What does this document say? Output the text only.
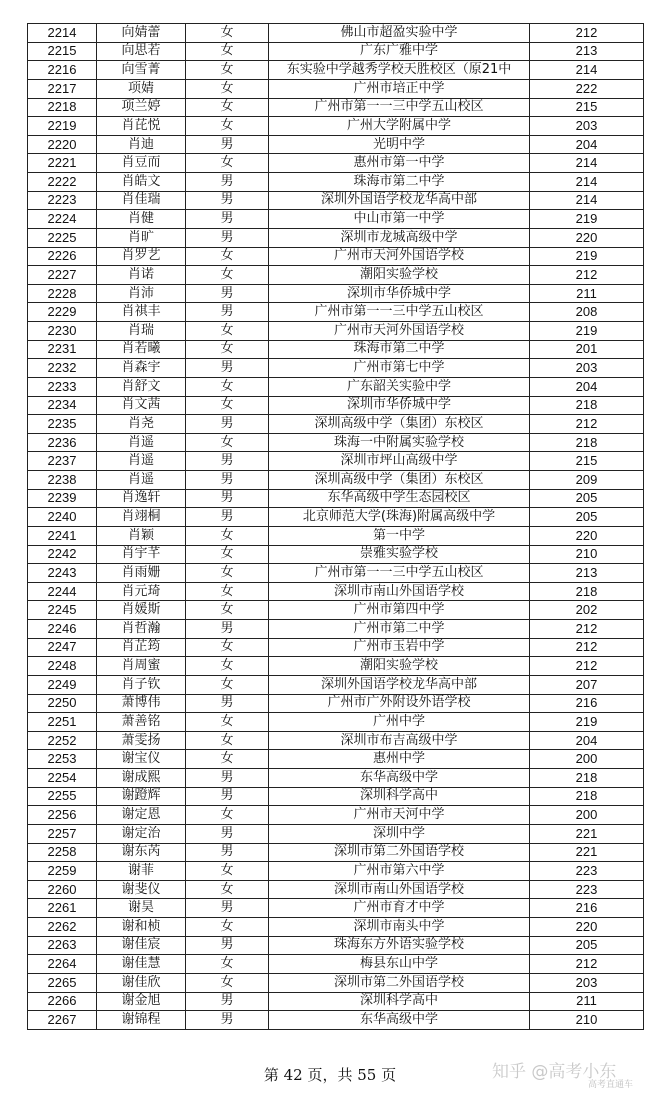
2214	向婧蕾	女	佛山市超盈实验中学	212
2215	向思若	女	广东广雅中学	213
2216	向雪菁	女	东实验中学越秀学校天胜校区（原21中	214
2217	项婧	女	广州市培正中学	222
2218	项兰婷	女	广州市第一一三中学五山校区	215
2219	肖芘悦	女	广州大学附属中学	203
2220	肖迪	男	光明中学	204
2221	肖豆而	女	惠州市第一中学	214
2222	肖皓文	男	珠海市第二中学	214
2223	肖佳瑞	男	深圳外国语学校龙华高中部	214
2224	肖健	男	中山市第一中学	219
2225	肖旷	男	深圳市龙城高级中学	220
2226	肖罗艺	女	广州市天河外国语学校	219
2227	肖诺	女	潮阳实验学校	212
2228	肖沛	男	深圳市华侨城中学	211
2229	肖祺丰	男	广州市第一一三中学五山校区	208
2230	肖瑞	女	广州市天河外国语学校	219
2231	肖若曦	女	珠海市第二中学	201
2232	肖森宇	男	广州市第七中学	203
2233	肖舒文	女	广东韶关实验中学	204
2234	肖文茜	女	深圳市华侨城中学	218
2235	肖尧	男	深圳高级中学（集团）东校区	212
2236	肖遥	女	珠海一中附属实验学校	218
2237	肖遥	男	深圳市坪山高级中学	215
2238	肖遥	男	深圳高级中学（集团）东校区	209
2239	肖逸轩	男	东华高级中学生态园校区	205
2240	肖翊桐	男	北京师范大学(珠海)附属高级中学	205
2241	肖颖	女	第一中学	220
2242	肖宇芊	女	崇雅实验学校	210
2243	肖雨姗	女	广州市第一一三中学五山校区	213
2244	肖元琦	女	深圳市南山外国语学校	218
2245	肖媛斯	女	广州市第四中学	202
2246	肖哲瀚	男	广州市第二中学	212
2247	肖芷筠	女	广州市玉岩中学	212
2248	肖周蜜	女	潮阳实验学校	212
2249	肖子钦	女	深圳外国语学校龙华高中部	207
2250	萧博伟	男	广州市广外附设外语学校	216
2251	萧善铭	女	广州中学	219
2252	萧雯扬	女	深圳市布吉高级中学	204
2253	谢宝仪	女	惠州中学	200
2254	谢成熙	男	东华高级中学	218
2255	谢蹬辉	男	深圳科学高中	218
2256	谢定恩	女	广州市天河中学	200
2257	谢定治	男	深圳中学	221
2258	谢东芮	男	深圳市第二外国语学校	221
2259	谢菲	女	广州市第六中学	223
2260	谢斐仪	女	深圳市南山外国语学校	223
2261	谢昊	男	广州市育才中学	216
2262	谢和桢	女	深圳市南头中学	220
2263	谢佳宸	男	珠海东方外语实验学校	205
2264	谢佳慧	女	梅县东山中学	212
2265	谢佳欣	女	深圳市第二外国语学校	203
2266	谢金旭	男	深圳科学高中	211
2267	谢锦程	男	东华高级中学	210
第 42 页，共 55 页	知乎 @高考小东
高考直通车
